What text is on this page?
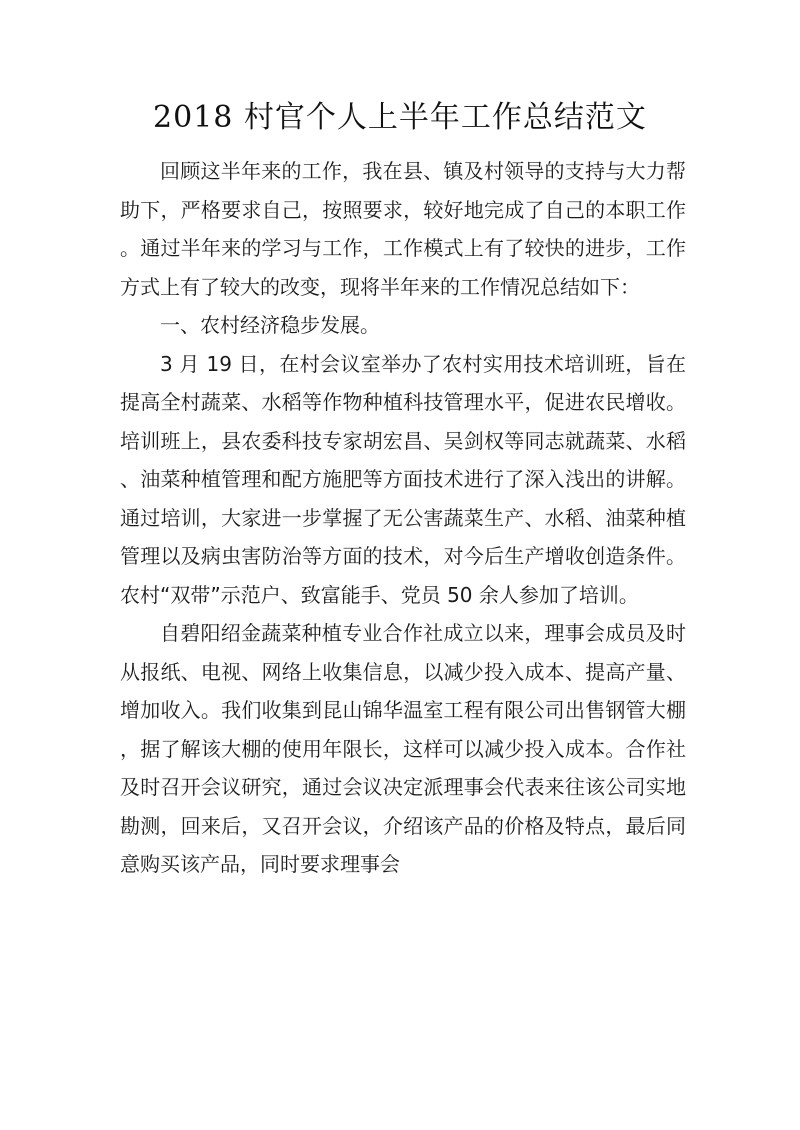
2018 村官个人上半年工作总结范文

回顾这半年来的工作，我在县、镇及村领导的支持与大力帮助下，严格要求自己，按照要求，较好地完成了自己的本职工作。通过半年来的学习与工作，工作模式上有了较快的进步，工作方式上有了较大的改变，现将半年来的工作情况总结如下：

一、农村经济稳步发展。

3 月 19 日，在村会议室举办了农村实用技术培训班，旨在提高全村蔬菜、水稻等作物种植科技管理水平，促进农民增收。培训班上，县农委科技专家胡宏昌、吴剑权等同志就蔬菜、水稻、油菜种植管理和配方施肥等方面技术进行了深入浅出的讲解。通过培训，大家进一步掌握了无公害蔬菜生产、水稻、油菜种植管理以及病虫害防治等方面的技术，对今后生产增收创造条件。农村“双带”示范户、致富能手、党员 50 余人参加了培训。

自碧阳绍金蔬菜种植专业合作社成立以来，理事会成员及时从报纸、电视、网络上收集信息，以减少投入成本、提高产量、增加收入。我们收集到昆山锦华温室工程有限公司出售钢管大棚，据了解该大棚的使用年限长，这样可以减少投入成本。合作社及时召开会议研究，通过会议决定派理事会代表来往该公司实地勘测，回来后，又召开会议，介绍该产品的价格及特点，最后同意购买该产品，同时要求理事会
